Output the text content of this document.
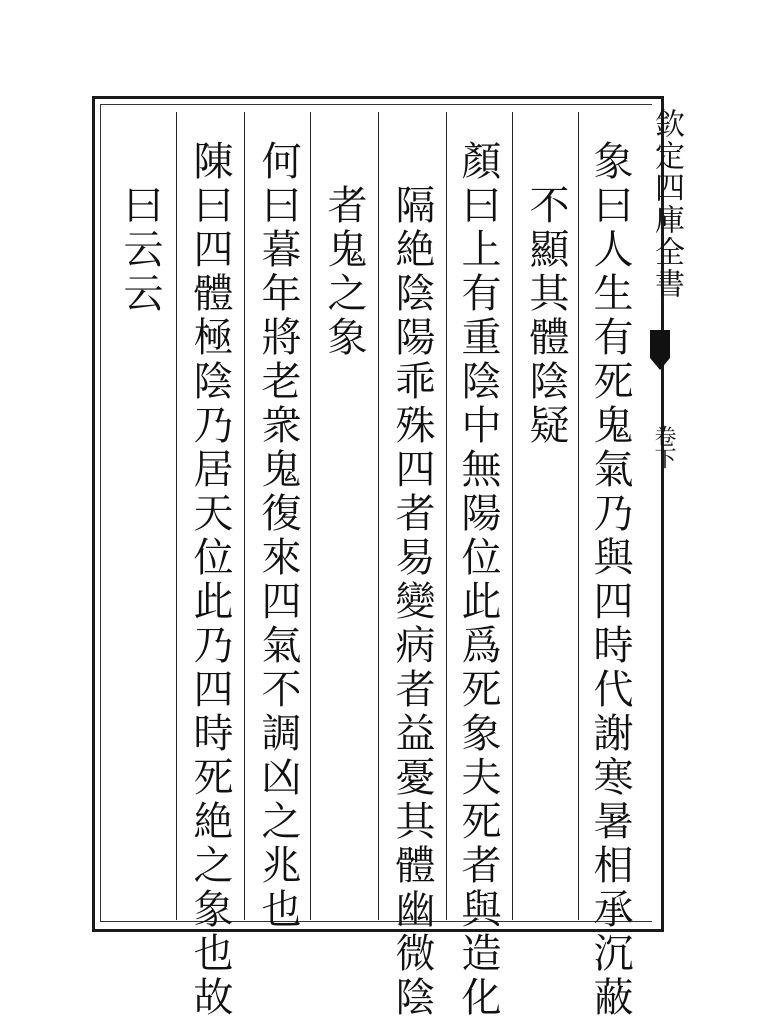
欽定四庫全書
卷下
象曰人生有死鬼氣乃與四時代謝寒暑相承沉蔽
不顯其體陰疑
顏曰上有重陰中無陽位此爲死象夫死者與造化
隔絶陰陽乖殊四者易變病者益憂其體幽微陰
者鬼之象
何曰暮年將老衆鬼復來四氣不調凶之兆也
陳曰四體極陰乃居天位此乃四時死絶之象也故
曰云云
